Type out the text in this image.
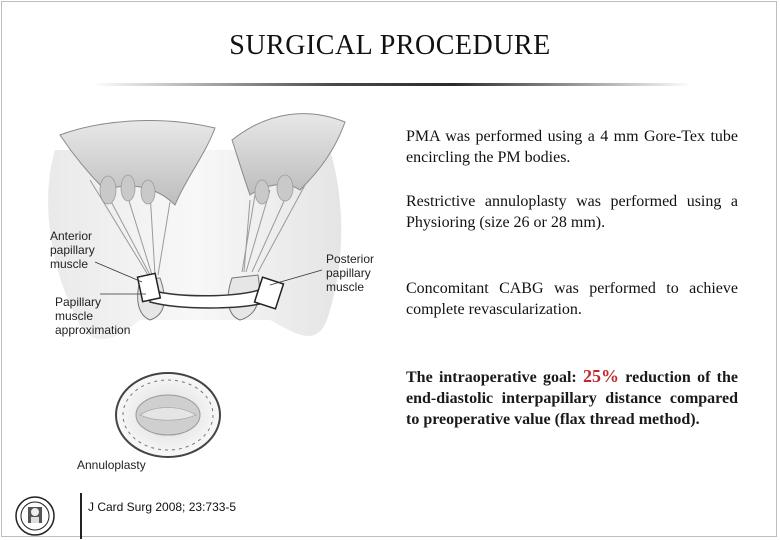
SURGICAL PROCEDURE
Anterior papillary muscle	Posterior papillary muscle
Papillary muscle approximation
Annuloplasty

PMA was performed using a 4 mm Gore-Tex tube encircling the PM bodies.

Restrictive annuloplasty was performed using a Physioring (size 26 or 28 mm).

Concomitant CABG was performed to achieve complete revascularization.

The intraoperative goal: 25% reduction of the end-diastolic interpapillary distance compared to preoperative value (flax thread method).

J Card Surg 2008; 23:733-5
